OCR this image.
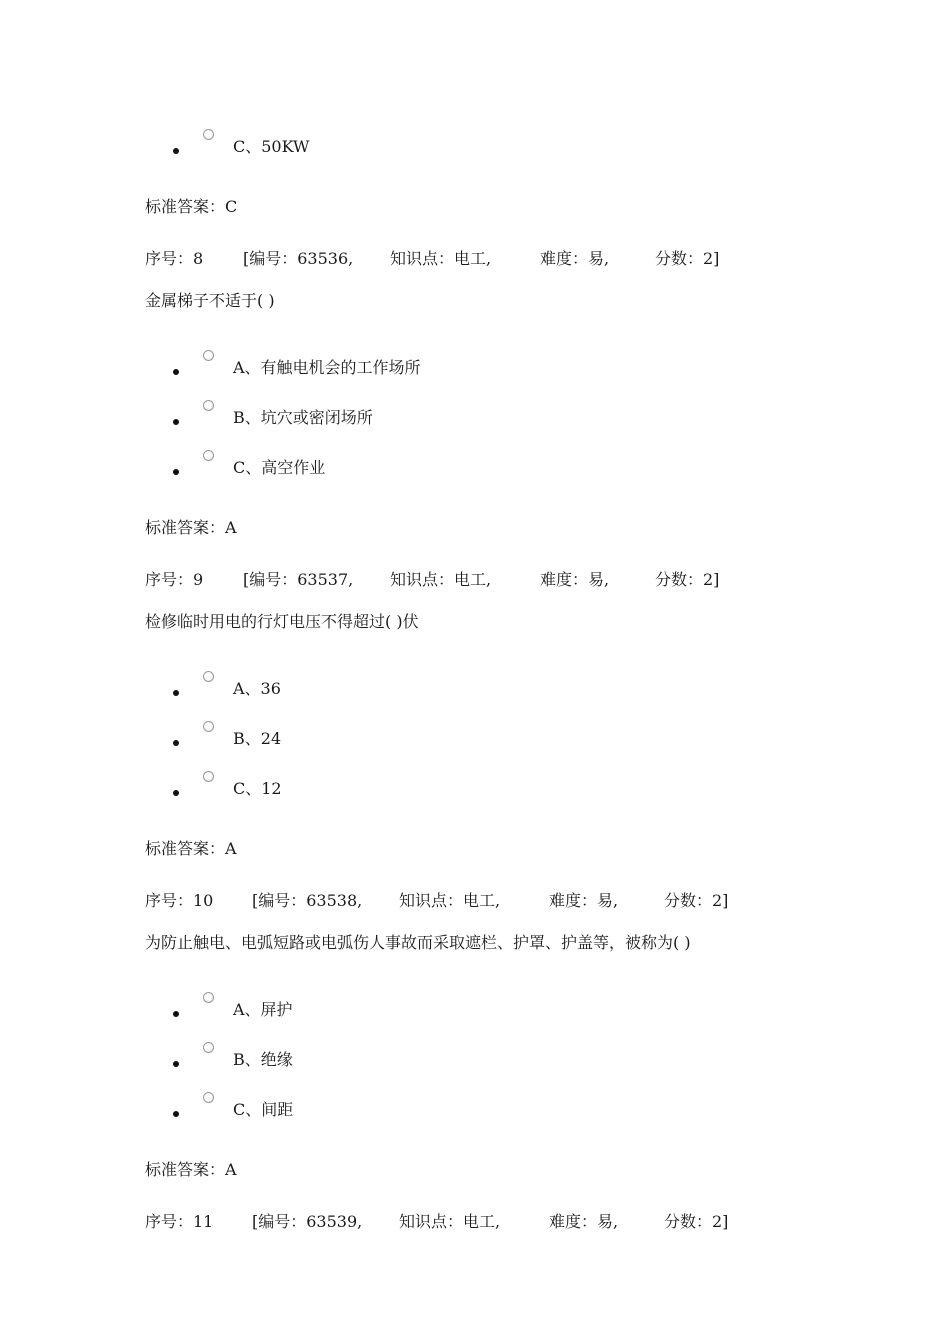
C、50KW
标准答案：C
序号：8 [编号：63536, 知识点：电工,	难度：易,	分数：2]
金属梯子不适于( )
A、有触电机会的工作场所
B、坑穴或密闭场所
C、高空作业
标准答案：A
序号：9 [编号：63537, 知识点：电工,	难度：易,	分数：2]
检修临时用电的行灯电压不得超过( )伏
A、36
B、24
C、12
标准答案：A
序号：10 [编号：63538, 知识点：电工,	难度：易,	分数：2]
为防止触电、电弧短路或电弧伤人事故而采取遮栏、护罩、护盖等，被称为( )
A、屏护
B、绝缘
C、间距
标准答案：A
序号：11 [编号：63539, 知识点：电工,	难度：易,	分数：2]
